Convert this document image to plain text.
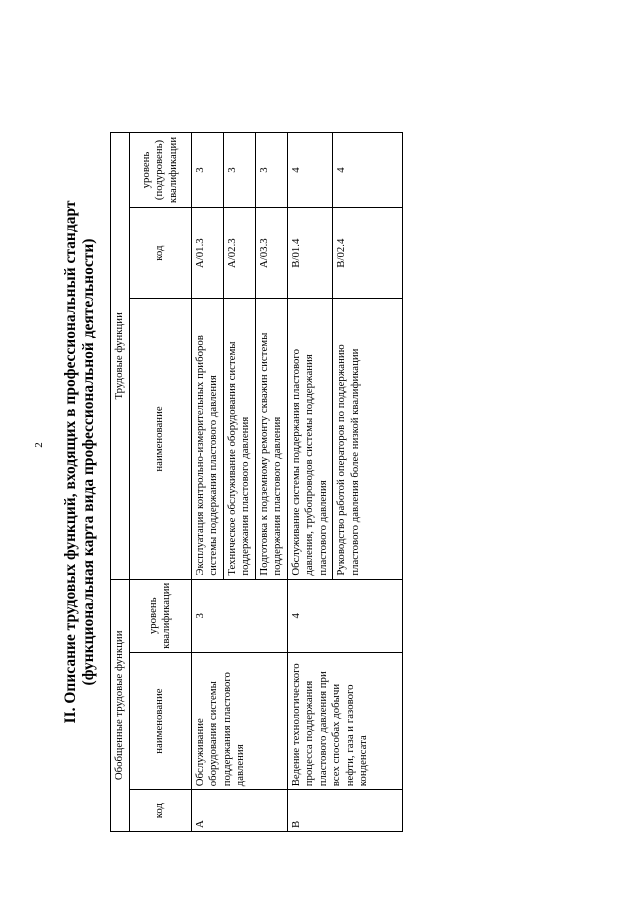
2 II. Описание трудовых функций, входящих в профессиональный стандарт (функциональная карта вида профессиональной деятельности)
Обобщенные трудовые функции			Трудовые функции		
код	наименование	уровень квалификации	наименование	код	уровень (подуровень) квалификации
A	Обслуживание оборудования системы поддержания пластового давления	3	Эксплуатация контрольно-измерительных приборов системы поддержания пластового давления	A/01.3	3
			Техническое обслуживание оборудования системы поддержания пластового давления	A/02.3	3
			Подготовка к подземному ремонту скважин системы поддержания пластового давления	A/03.3	3
B	Ведение технологического процесса поддержания пластового давления при всех способах добычи нефти, газа и газового конденсата	4	Обслуживание системы поддержания пластового давления, трубопроводов системы поддержания пластового давления	B/01.4	4
			Руководство работой операторов по поддержанию пластового давления более низкой квалификации	B/02.4	4
